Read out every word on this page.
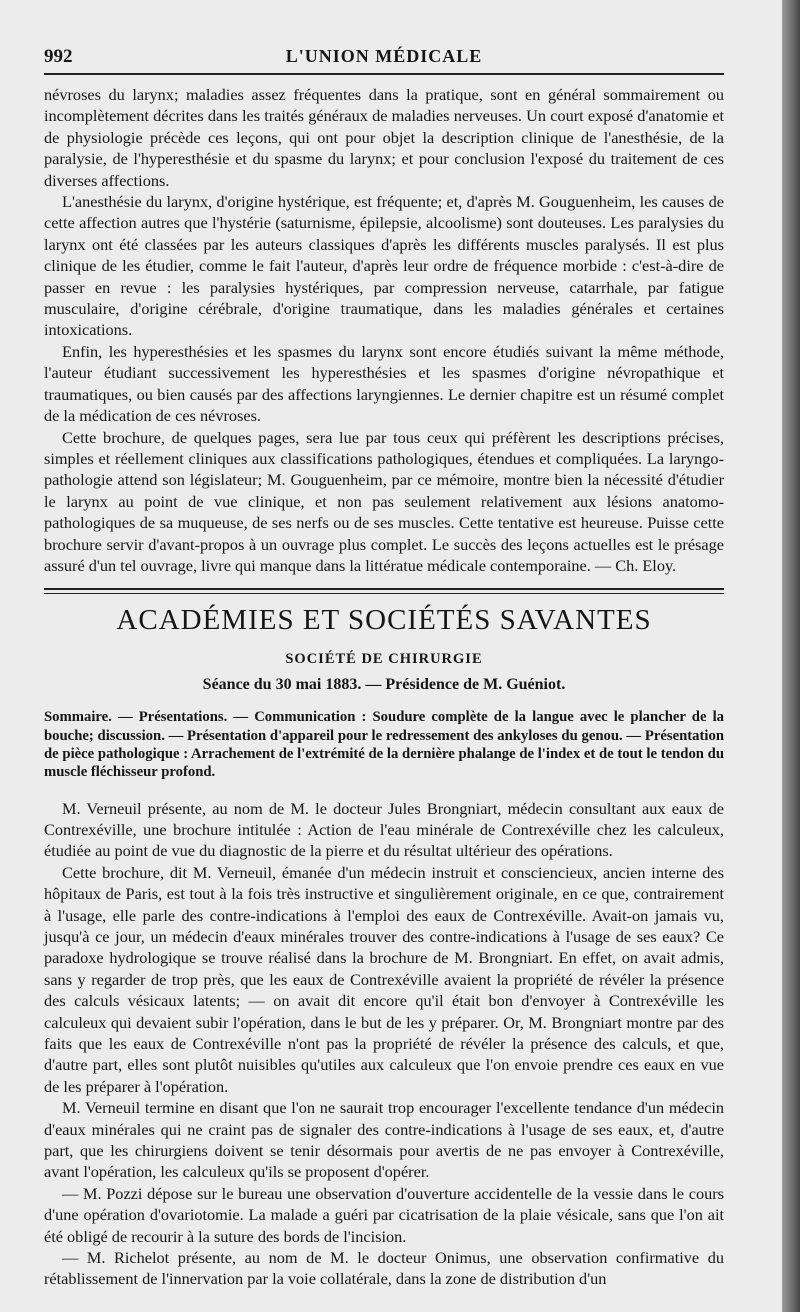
992	L'UNION MÉDICALE

névroses du larynx; maladies assez fréquentes dans la pratique, sont en général sommairement ou incomplètement décrites dans les traités généraux de maladies nerveuses. Un court exposé d'anatomie et de physiologie précède ces leçons, qui ont pour objet la description clinique de l'anesthésie, de la paralysie, de l'hyperesthésie et du spasme du larynx; et pour conclusion l'exposé du traitement de ces diverses affections.

L'anesthésie du larynx, d'origine hystérique, est fréquente; et, d'après M. Gouguenheim, les causes de cette affection autres que l'hystérie (saturnisme, épilepsie, alcoolisme) sont douteuses. Les paralysies du larynx ont été classées par les auteurs classiques d'après les différents muscles paralysés. Il est plus clinique de les étudier, comme le fait l'auteur, d'après leur ordre de fréquence morbide : c'est-à-dire de passer en revue : les paralysies hystériques, par compression nerveuse, catarrhale, par fatigue musculaire, d'origine cérébrale, d'origine traumatique, dans les maladies générales et certaines intoxications.

Enfin, les hyperesthésies et les spasmes du larynx sont encore étudiés suivant la même méthode, l'auteur étudiant successivement les hyperesthésies et les spasmes d'origine névropathique et traumatiques, ou bien causés par des affections laryngiennes. Le dernier chapitre est un résumé complet de la médication de ces névroses.

Cette brochure, de quelques pages, sera lue par tous ceux qui préfèrent les descriptions précises, simples et réellement cliniques aux classifications pathologiques, étendues et compliquées. La laryngo-pathologie attend son législateur; M. Gouguenheim, par ce mémoire, montre bien la nécessité d'étudier le larynx au point de vue clinique, et non pas seulement relativement aux lésions anatomo-pathologiques de sa muqueuse, de ses nerfs ou de ses muscles. Cette tentative est heureuse. Puisse cette brochure servir d'avant-propos à un ouvrage plus complet. Le succès des leçons actuelles est le présage assuré d'un tel ouvrage, livre qui manque dans la littératue médicale contemporaine. — Ch. Eloy.

ACADÉMIES ET SOCIÉTÉS SAVANTES
SOCIÉTÉ DE CHIRURGIE
Séance du 30 mai 1883. — Présidence de M. Guéniot.

Sommaire. — Présentations. — Communication : Soudure complète de la langue avec le plancher de la bouche; discussion. — Présentation d'appareil pour le redressement des ankyloses du genou. — Présentation de pièce pathologique : Arrachement de l'extrémité de la dernière phalange de l'index et de tout le tendon du muscle fléchisseur profond.

M. Verneuil présente, au nom de M. le docteur Jules Brongniart, médecin consultant aux eaux de Contrexéville, une brochure intitulée : Action de l'eau minérale de Contrexéville chez les calculeux, étudiée au point de vue du diagnostic de la pierre et du résultat ultérieur des opérations.

Cette brochure, dit M. Verneuil, émanée d'un médecin instruit et consciencieux, ancien interne des hôpitaux de Paris, est tout à la fois très instructive et singulièrement originale, en ce que, contrairement à l'usage, elle parle des contre-indications à l'emploi des eaux de Contrexéville. Avait-on jamais vu, jusqu'à ce jour, un médecin d'eaux minérales trouver des contre-indications à l'usage de ses eaux? Ce paradoxe hydrologique se trouve réalisé dans la brochure de M. Brongniart. En effet, on avait admis, sans y regarder de trop près, que les eaux de Contrexéville avaient la propriété de révéler la présence des calculs vésicaux latents; — on avait dit encore qu'il était bon d'envoyer à Contrexéville les calculeux qui devaient subir l'opération, dans le but de les y préparer. Or, M. Brongniart montre par des faits que les eaux de Contrexéville n'ont pas la propriété de révéler la présence des calculs, et que, d'autre part, elles sont plutôt nuisibles qu'utiles aux calculeux que l'on envoie prendre ces eaux en vue de les préparer à l'opération.

M. Verneuil termine en disant que l'on ne saurait trop encourager l'excellente tendance d'un médecin d'eaux minérales qui ne craint pas de signaler des contre-indications à l'usage de ses eaux, et, d'autre part, que les chirurgiens doivent se tenir désormais pour avertis de ne pas envoyer à Contrexéville, avant l'opération, les calculeux qu'ils se proposent d'opérer.

— M. Pozzi dépose sur le bureau une observation d'ouverture accidentelle de la vessie dans le cours d'une opération d'ovariotomie. La malade a guéri par cicatrisation de la plaie vésicale, sans que l'on ait été obligé de recourir à la suture des bords de l'incision.

— M. Richelot présente, au nom de M. le docteur Onimus, une observation confirmative du rétablissement de l'innervation par la voie collatérale, dans la zone de distribution d'un
